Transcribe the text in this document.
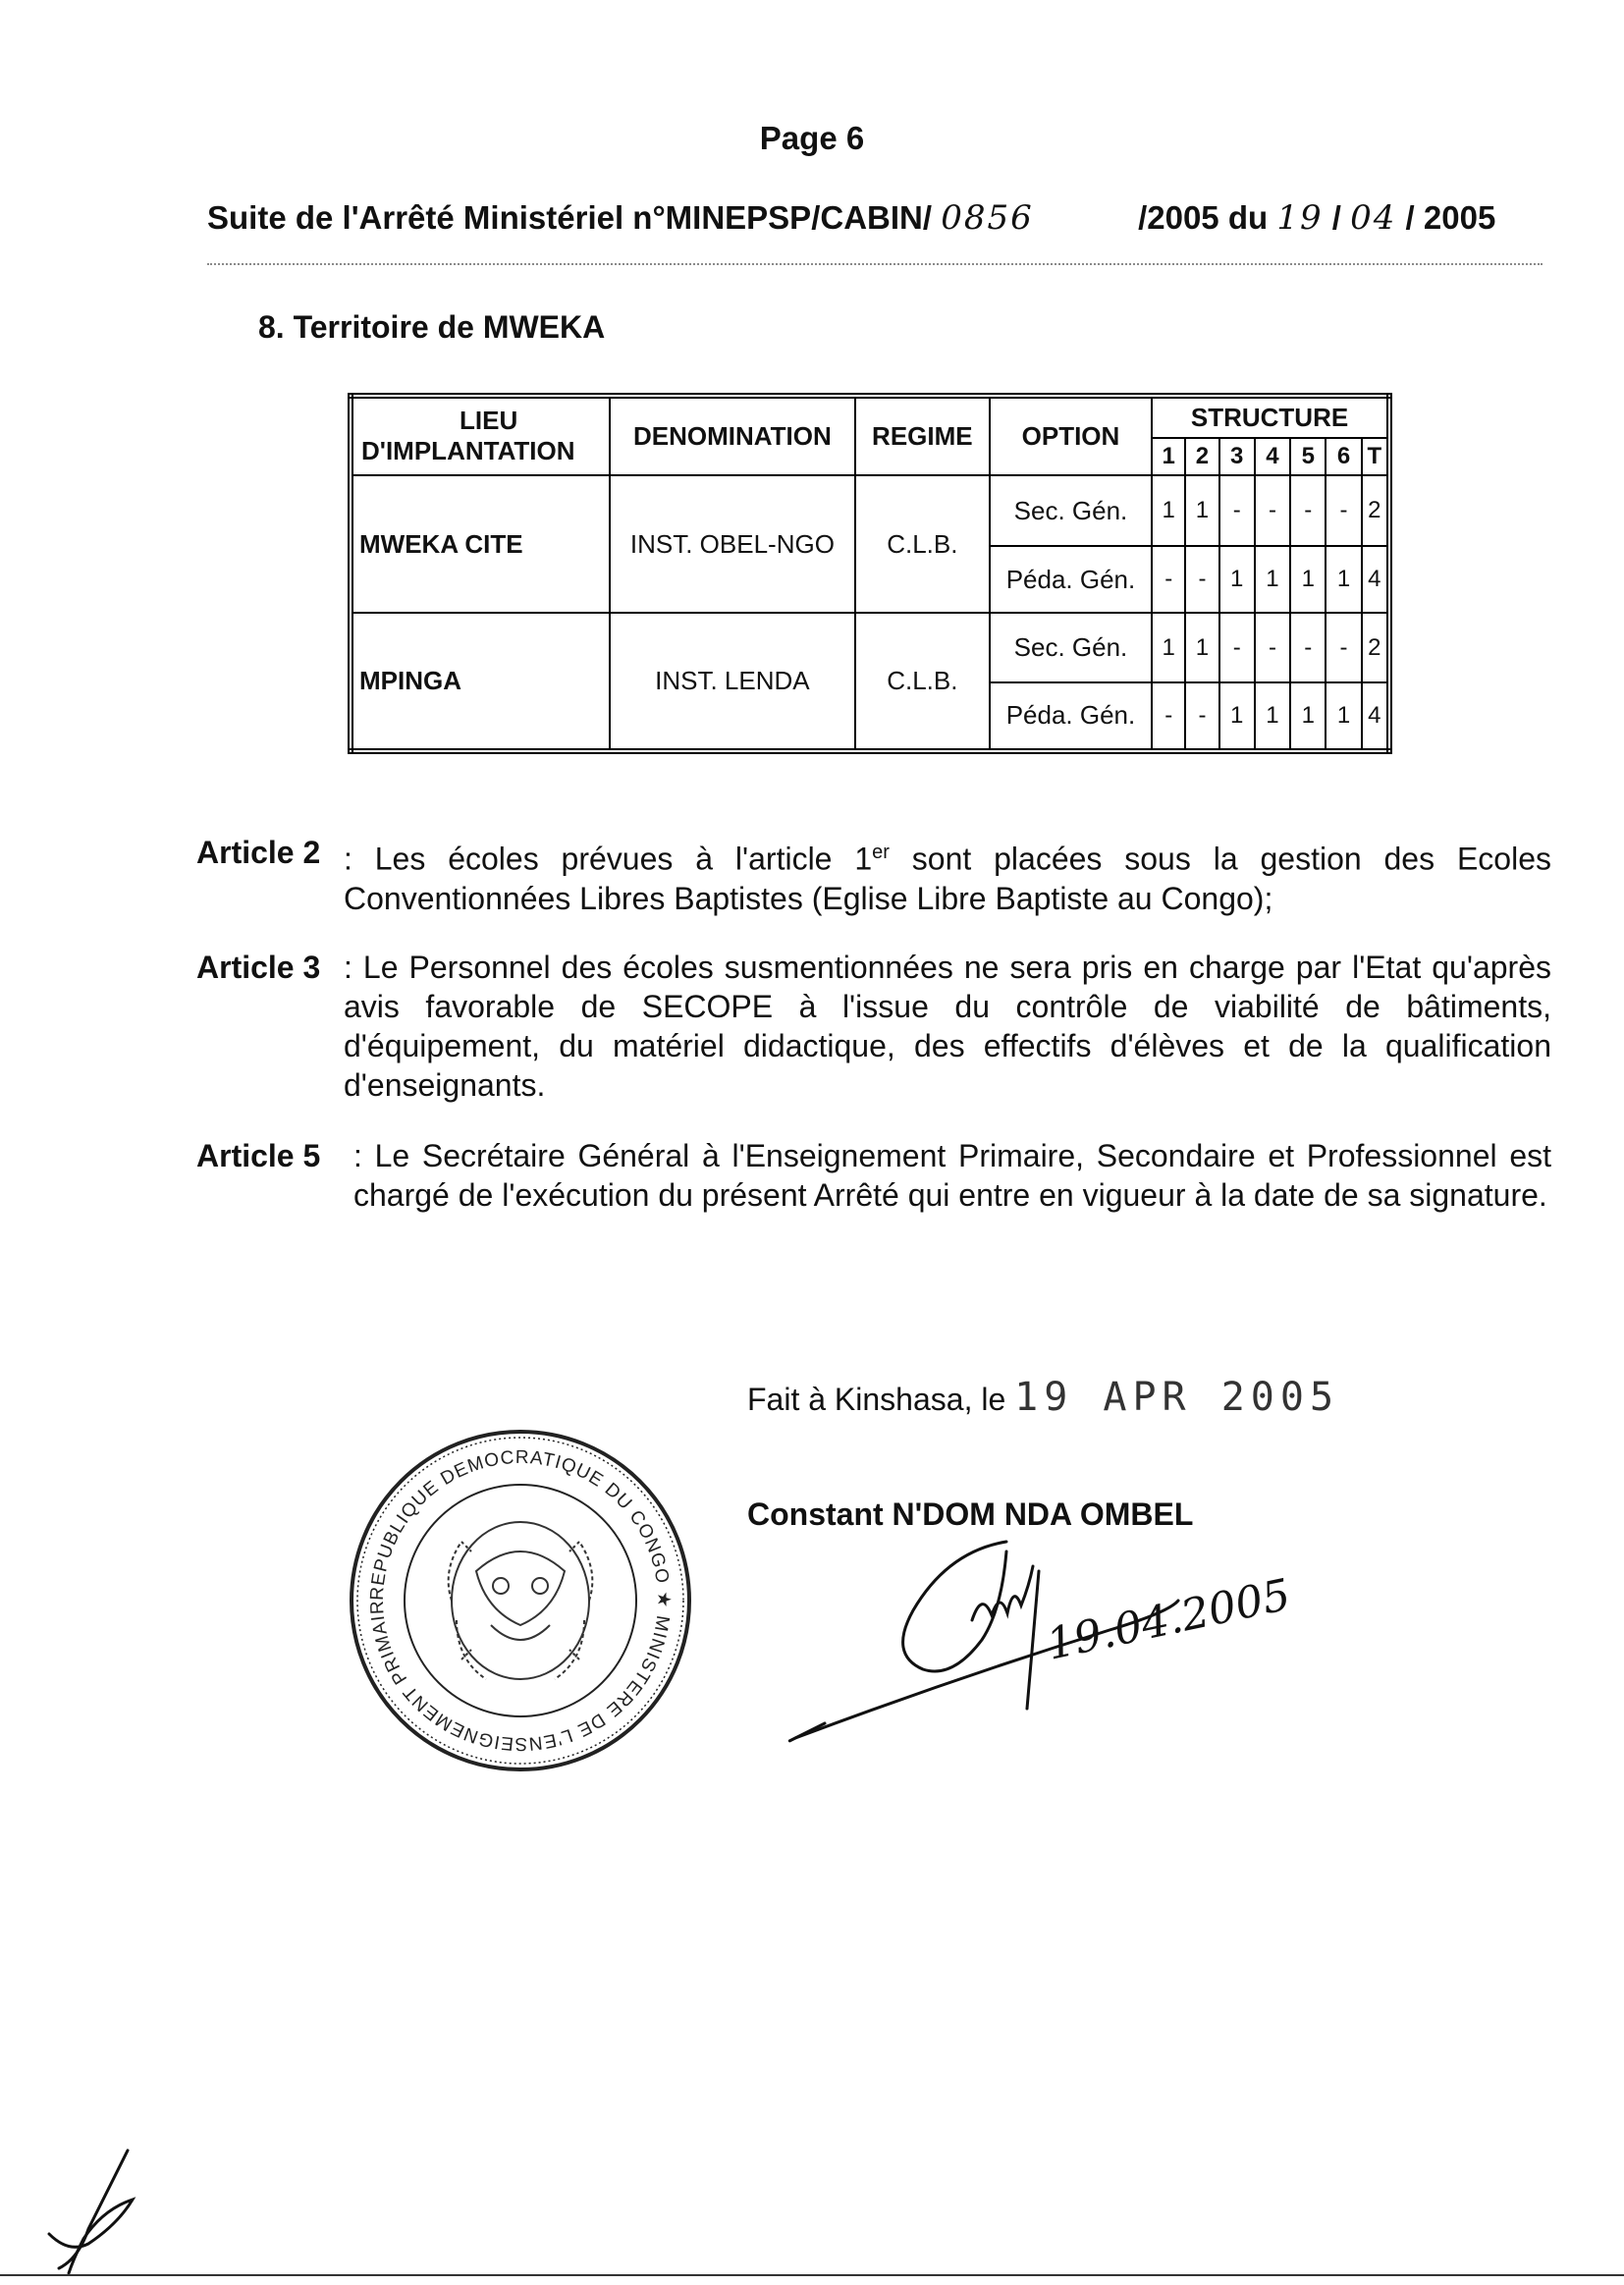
Page 6
Suite de l'Arrêté Ministériel n°MINEPSP/CABIN/ 0856	/2005 du 19 / 04 / 2005
8. Territoire de MWEKA
LIEU
D'IMPLANTATION	DENOMINATION	REGIME	OPTION	STRUCTURE						
				1	2	3	4	5	6	T
MWEKA CITE	INST. OBEL-NGO	C.L.B.	Sec. Gén.	1	1	-	-	-	-	2
			Péda. Gén.	-	-	1	1	1	1	4
MPINGA	INST. LENDA	C.L.B.	Sec. Gén.	1	1	-	-	-	-	2
			Péda. Gén.	-	-	1	1	1	1	4
Article 2 : Les écoles prévues à l'article 1er sont placées sous la gestion des Ecoles Conventionnées Libres Baptistes (Eglise Libre Baptiste au Congo);
Article 3 : Le Personnel des écoles susmentionnées ne sera pris en charge par l'Etat qu'après avis favorable de SECOPE à l'issue du contrôle de viabilité de bâtiments, d'équipement, du matériel didactique, des effectifs d'élèves et de la qualification d'enseignants.
Article 5	: Le Secrétaire Général à l'Enseignement Primaire, Secondaire et Professionnel est chargé de l'exécution du présent Arrêté qui entre en vigueur à la date de sa signature.
Fait à Kinshasa, le 19 APR 2005
Constant N'DOM NDA OMBEL
REPUBLIQUE DEMOCRATIQUE DU CONGO ★ MINISTERE DE L'ENSEIGNEMENT PRIMAIR	19.04.2005
